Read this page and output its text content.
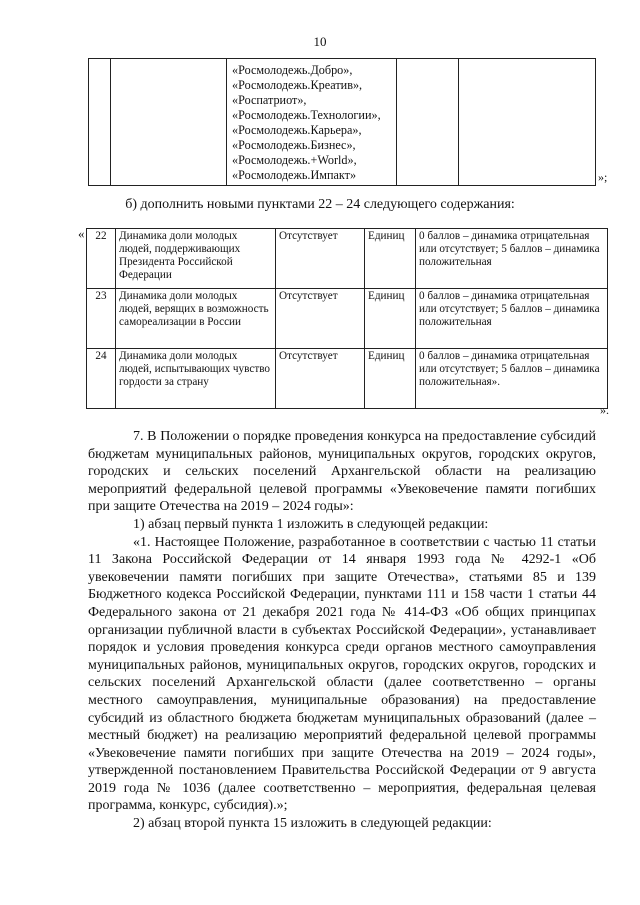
10
«Росмолодежь.Добро»,
«Росмолодежь.Креатив»,
«Роспатриот»,
«Росмолодежь.Технологии»,
«Росмолодежь.Карьера»,
«Росмолодежь.Бизнес»,
«Росмолодежь.+World»,
«Росмолодежь.Импакт»	»;
б) дополнить новыми пунктами 22 – 24 следующего содержания:
« 22	Динамика доли молодых людей, поддерживающих Президента Российской Федерации	Отсутствует	Единиц	0 баллов – динамика отрицательная или отсутствует; 5 баллов – динамика положительная
23	Динамика доли молодых людей, верящих в возможность самореализации в России	Отсутствует	Единиц	0 баллов – динамика отрицательная или отсутствует; 5 баллов – динамика положительная
24	Динамика доли молодых людей, испытывающих чувство гордости за страну	Отсутствует	Единиц	0 баллов – динамика отрицательная или отсутствует; 5 баллов – динамика положительная».
».

7. В Положении о порядке проведения конкурса на предоставление субсидий бюджетам муниципальных районов, муниципальных округов, городских округов, городских и сельских поселений Архангельской области на реализацию мероприятий федеральной целевой программы «Увековечение памяти погибших при защите Отечества на 2019 – 2024 годы»:

1) абзац первый пункта 1 изложить в следующей редакции:

«1. Настоящее Положение, разработанное в соответствии с частью 11 статьи 11 Закона Российской Федерации от 14 января 1993 года № 4292-1 «Об увековечении памяти погибших при защите Отечества», статьями 85 и 139 Бюджетного кодекса Российской Федерации, пунктами 111 и 158 части 1 статьи 44 Федерального закона от 21 декабря 2021 года № 414-ФЗ «Об общих принципах организации публичной власти в субъектах Российской Федерации», устанавливает порядок и условия проведения конкурса среди органов местного самоуправления муниципальных районов, муниципальных округов, городских округов, городских и сельских поселений Архангельской области (далее соответственно – органы местного самоуправления, муниципальные образования) на предоставление субсидий из областного бюджета бюджетам муниципальных образований (далее – местный бюджет) на реализацию мероприятий федеральной целевой программы «Увековечение памяти погибших при защите Отечества на 2019 – 2024 годы», утвержденной постановлением Правительства Российской Федерации от 9 августа 2019 года № 1036 (далее соответственно – мероприятия, федеральная целевая программа, конкурс, субсидия).»;

2) абзац второй пункта 15 изложить в следующей редакции:
